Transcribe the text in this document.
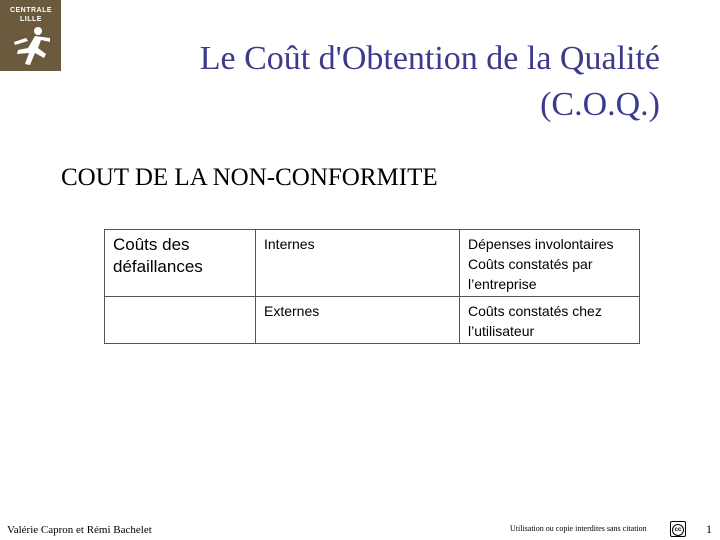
CENTRALE
LILLE
Le Coût d'Obtention de la Qualité
(C.O.Q.)
COUT DE LA NON-CONFORMITE
Coûts des défaillances	Internes	Dépenses involontaires
Coûts constatés par l’entreprise

	Externes	Coûts constatés chez l’utilisateur
Valérie Capron et Rémi Bachelet	Utilisation ou copie interdites sans citation	cc 1
